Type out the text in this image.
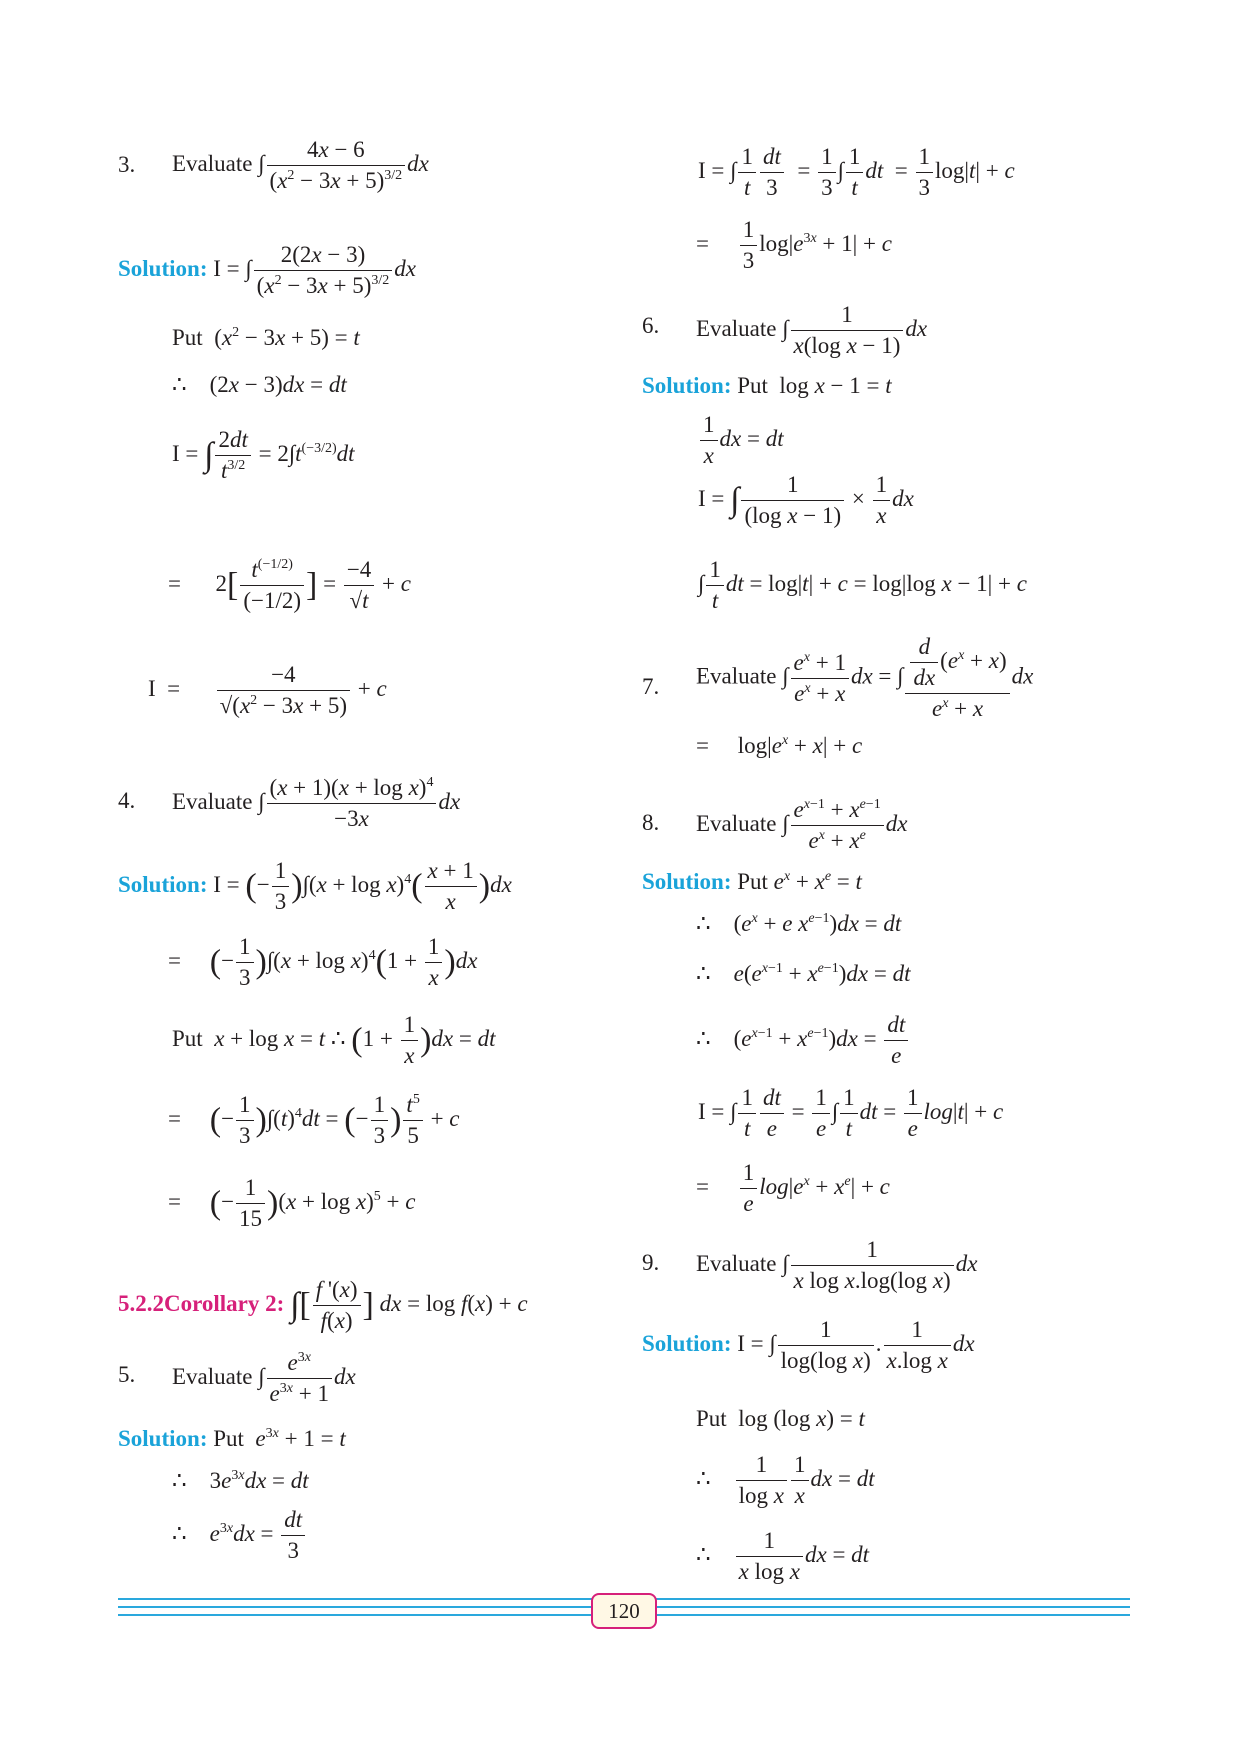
3. Evaluate ∫ $\frac{4x - 6}{(x^2 - 3x + 5)^{3/2}}$ dx
Solution: I = ∫ $\frac{2(2x - 3)}{(x^2 - 3x + 5)^{3/2}}$ dx
Put  $(x^2 - 3x + 5) = t$
∴    (2x − 3)dx = dt
I = ∫ $\frac{2dt}{t^{3/2}} = 2\int t^{(-3/2)}dt$
=      $2[ \frac{t^{(-1/2)}}{(-1/2)}$ ] = $\frac{-4}{√t} + c$
$I = \frac{-4}{√(x^2 - 3x + 5)} + c$
4. Evaluate ∫ $\frac{(x + 1)(x + \log x)^4}{-3x}$ dx
Solution: I = (− $\frac{1}{3} )\int(x + \log x)^4( \frac{x + 1}{x} )dx$
=     (− $\frac{1}{3} )\int(x + \log x)^4(1 + \frac{1}{x} )dx$
Put x + log x = t ∴ $(1 + \frac{1}{x} )dx$ = dt
=     (− $\frac{1}{3} )\int(t)^4dt$ = (− $\frac{1}{3}$ ) $\frac{t^5}{5} + c$
=     (− $\frac{1}{15} )(x + \log x)^5 + c$
5.2.2Corollary 2: ∫[ $\frac{f '(x)}{f(x)}$ ] dx = log f(x) + c
5. Evaluate ∫ $\frac{e^{3x}}{e^{3x} + 1}$ dx
Solution: Put $e^{3x} + 1 = t$
∴    $3e^{3x}dx$ = dt
∴    $e^{3x}dx = \frac{dt}{3}$
I = ∫ $\frac{1}{t} \frac{dt}{3} = \frac{1}{3}$ ∫ $\frac{1}{t}$ dt  = $\frac{1}{3} \log|t| + c$
= $\frac{1}{3} \log|e^{3x} + 1| + c$
6. Evaluate ∫ $\frac{1}{\text{x(log x − 1)}}$ dx
Solution: Put  log x − 1 = t
$\frac{1}{x}$ dx = dt
I = ∫ $\frac{1}{\text{(log x − 1)}} \times \frac{1}{x}$ dx
∫ $\frac{1}{t}$ dt = log|t| + c = log|log x − 1| + c
7. Evaluate ∫ $\frac{e^x + 1}{e^x + x}$ dx = ∫ $\frac{\frac{d}{dx} (e^x + x)}{e^x + x}$ dx
=     $\log|e^x + x| + c$
8. Evaluate ∫ $\frac{e^{x-1} + x^{e-1}}{e^x + x^e}$ dx
Solution: Put $e^x + x^e = t$
∴    ($e^x + e$ $x^{e-1})dx$ = dt
∴    $e(e^{x-1} + x^{e-1})dx$ = dt
∴    $(e^{x-1} + x^{e-1})dx = \frac{dt}{e}$
I = ∫ $\frac{1}{t} \frac{dt}{e} = \frac{1}{e}$ ∫ $\frac{1}{t}$ dt = $\frac{1}{e} \log|t| + c$
= $\frac{1}{e} \log|e^x + x^e| + c$
9. Evaluate ∫ $\frac{1}{\text{x log x.log(log x)}}$ dx
Solution: I = ∫ $\frac{1}{\text{log(log x)}}$ . $\frac{1}{\text{x.log x}}$ dx
Put  log (log x) = t
∴ $\frac{1}{\text{log x}} \frac{1}{x}$ dx = dt
∴ $\frac{1}{\text{x log x}}$ dx = dt
120
